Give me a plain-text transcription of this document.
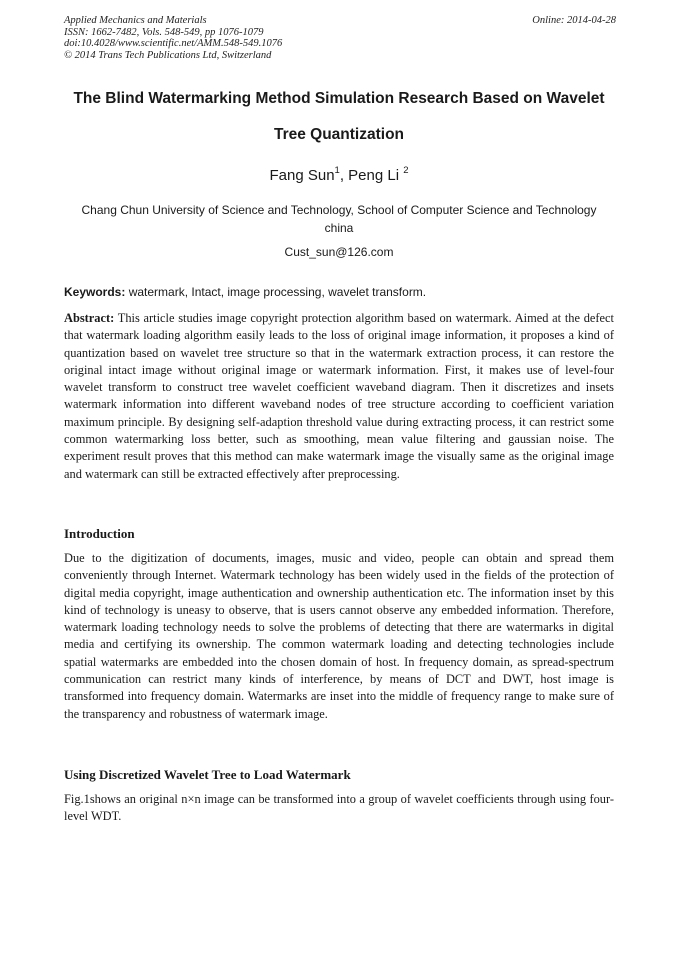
Applied Mechanics and Materials
ISSN: 1662-7482, Vols. 548-549, pp 1076-1079
doi:10.4028/www.scientific.net/AMM.548-549.1076
© 2014 Trans Tech Publications Ltd, Switzerland
Online: 2014-04-28
The Blind Watermarking Method Simulation Research Based on Wavelet
Tree Quantization
Fang Sun$^1$, Peng Li $^2$
Chang Chun University of Science and Technology, School of Computer Science and Technology
china
Cust_sun@126.com
Keywords: watermark, Intact, image processing, wavelet transform.
Abstract: This article studies image copyright protection algorithm based on watermark. Aimed at the defect that watermark loading algorithm easily leads to the loss of original image information, it proposes a kind of quantization based on wavelet tree structure so that in the watermark extraction process, it can restore the original intact image without original image or watermark information. First, it makes use of level-four wavelet transform to construct tree wavelet coefficient waveband diagram. Then it discretizes and insets watermark information into different waveband nodes of tree structure according to coefficient variation maximum principle. By designing self-adaption threshold value during extracting process, it can restrict some common watermarking loss better, such as smoothing, mean value filtering and gaussian noise. The experiment result proves that this method can make watermark image the visually same as the original image and watermark can still be extracted effectively after preprocessing.
Introduction
Due to the digitization of documents, images, music and video, people can obtain and spread them conveniently through Internet. Watermark technology has been widely used in the fields of the protection of digital media copyright, image authentication and ownership authentication etc. The information inset by this kind of technology is uneasy to observe, that is users cannot observe any embedded information. Therefore, watermark loading technology needs to solve the problems of detecting that there are watermarks in digital media and certifying its ownership. The common watermark loading and detecting technologies include spatial watermarks are embedded into the chosen domain of host. In frequency domain, as spread-spectrum communication can restrict many kinds of interference, by means of DCT and DWT, host image is transformed into frequency domain. Watermarks are inset into the middle of frequency range to make sure of the transparency and robustness of watermark image.
Using Discretized Wavelet Tree to Load Watermark
Fig.1shows an original n×n image can be transformed into a group of wavelet coefficients through using four-level WDT.
